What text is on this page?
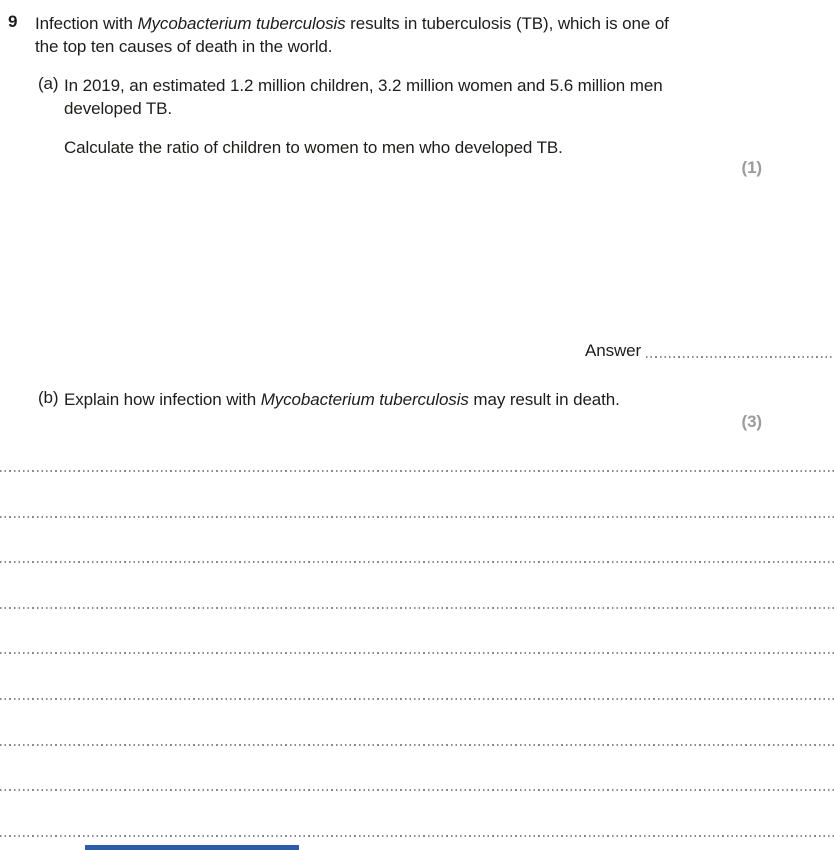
9	Infection with Mycobacterium tuberculosis results in tuberculosis (TB), which is one of
the top ten causes of death in the world.

(a) In 2019, an estimated 1.2 million children, 3.2 million women and 5.6 million men
developed TB.

Calculate the ratio of children to women to men who developed TB.

(1)
Answer
(b) Explain how infection with Mycobacterium tuberculosis may result in death.

(3)
